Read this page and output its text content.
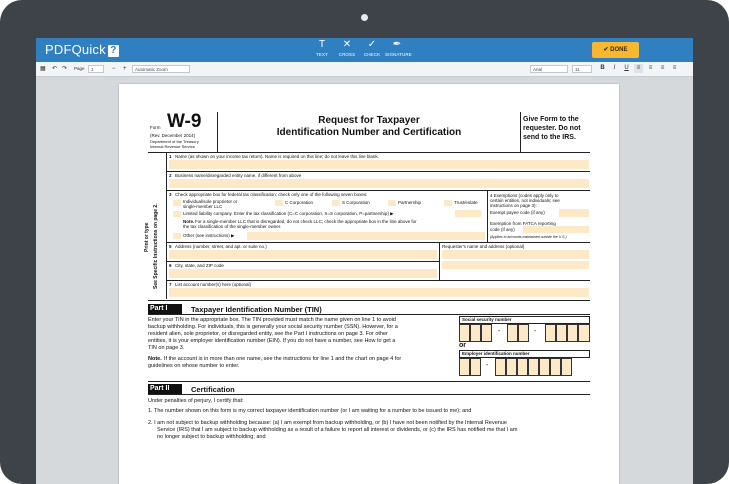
PDFQuick ?
T
TEXT
✕
CROSS
✓
CHECK
✒
SIGNATURE
✔ DONE
▦ ↶ ↷ Page	1	− +	Automatic Zoom	Arial	11	B	I	U	≡	≡	≡	≡
Form W-9
(Rev. December 2014)
Department of the Treasury
Internal Revenue Service
Request for Taxpayer
Identification Number and Certification
Give Form to the
requester. Do not
send to the IRS.
Print or type See Specific Instructions on page 2.
1 Name (as shown on your income tax return). Name is required on this line; do not leave this line blank.
2 Business name/disregarded entity name, if different from above
3 Check appropriate box for federal tax classification; check only one of the following seven boxes:
Individual/sole proprietor or
single-member LLC
C Corporation	S Corporation	Partnership	Trust/estate
Limited liability company. Enter the tax classification (C=C corporation, S=S corporation, P=partnership) ▶
Note. For a single-member LLC that is disregarded, do not check LLC; check the appropriate box in the line above for
the tax classification of the single-member owner.
Other (see instructions) ▶
4 Exemptions (codes apply only to
certain entities, not individuals; see
instructions on page 3):
Exempt payee code (if any)
Exemption from FATCA reporting
code (if any)
(Applies to accounts maintained outside the U.S.)
5 Address (number, street, and apt. or suite no.)	Requester's name and address (optional)
6 City, state, and ZIP code
7 List account number(s) here (optional)
Part I	Taxpayer Identification Number (TIN)
Enter your TIN in the appropriate box. The TIN provided must match the name given on line 1 to avoid
backup withholding. For individuals, this is generally your social security number (SSN). However, for a
resident alien, sole proprietor, or disregarded entity, see the Part I instructions on page 3. For other
entities, it is your employer identification number (EIN). If you do not have a number, see How to get a
TIN on page 3.
Note. If the account is in more than one name, see the instructions for line 1 and the chart on page 4 for
guidelines on whose number to enter.
Social security number
-	-
or
Employer identification number
-
Part II	Certification
Under penalties of perjury, I certify that:
1. The number shown on this form is my correct taxpayer identification number (or I am waiting for a number to be issued to me); and
2. I am not subject to backup withholding because: (a) I am exempt from backup withholding, or (b) I have not been notified by the Internal Revenue
Service (IRS) that I am subject to backup withholding as a result of a failure to report all interest or dividends, or (c) the IRS has notified me that I am
no longer subject to backup withholding; and
